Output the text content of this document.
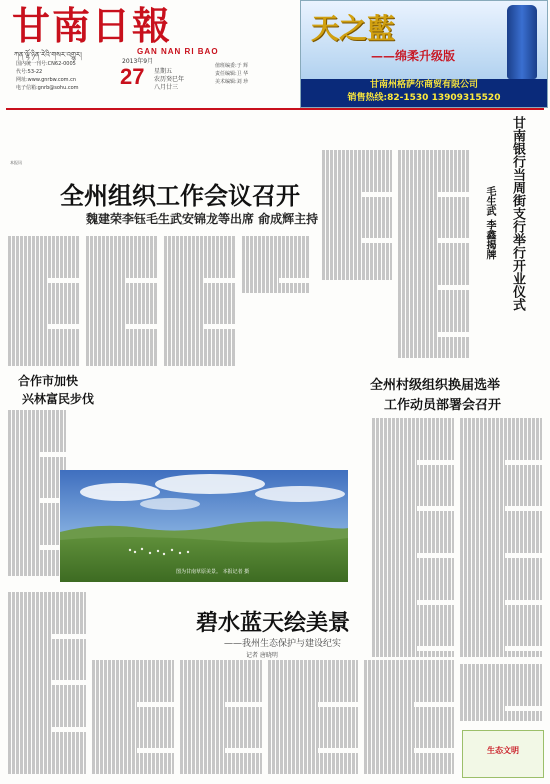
甘南日報
ཀན་ལྷོ་ཉིན་རེའི་གསར་འགྱུར།	GAN NAN RI BAO
国内统一刊号:CN62-0005
代号:53-22
网址:www.gnrbw.com.cn
电子信箱:gnrb@sohu.com
2013年9月
27 星期五
农历癸巳年
八月廿三
值班编委:于 辉
责任编辑:卫 华
美术编辑:刘 珍
天之藍
——绵柔升级版
甘南州格萨尔商贸有限公司
销售热线:82-1530 13909315520
全州组织工作会议召开
魏建荣李钰毛生武安锦龙等出席 俞成辉主持
本报讯	甘南银行当周街支行举行开业仪式
毛生武 李鑫揭牌
全州村级组织换届选举
工作动员部署会召开
合作市加快
兴林富民步伐
图为甘南草原美景。 本报记者 摄
碧水蓝天绘美景
——我州生态保护与建设纪实
记者 唐晓明
生态文明
